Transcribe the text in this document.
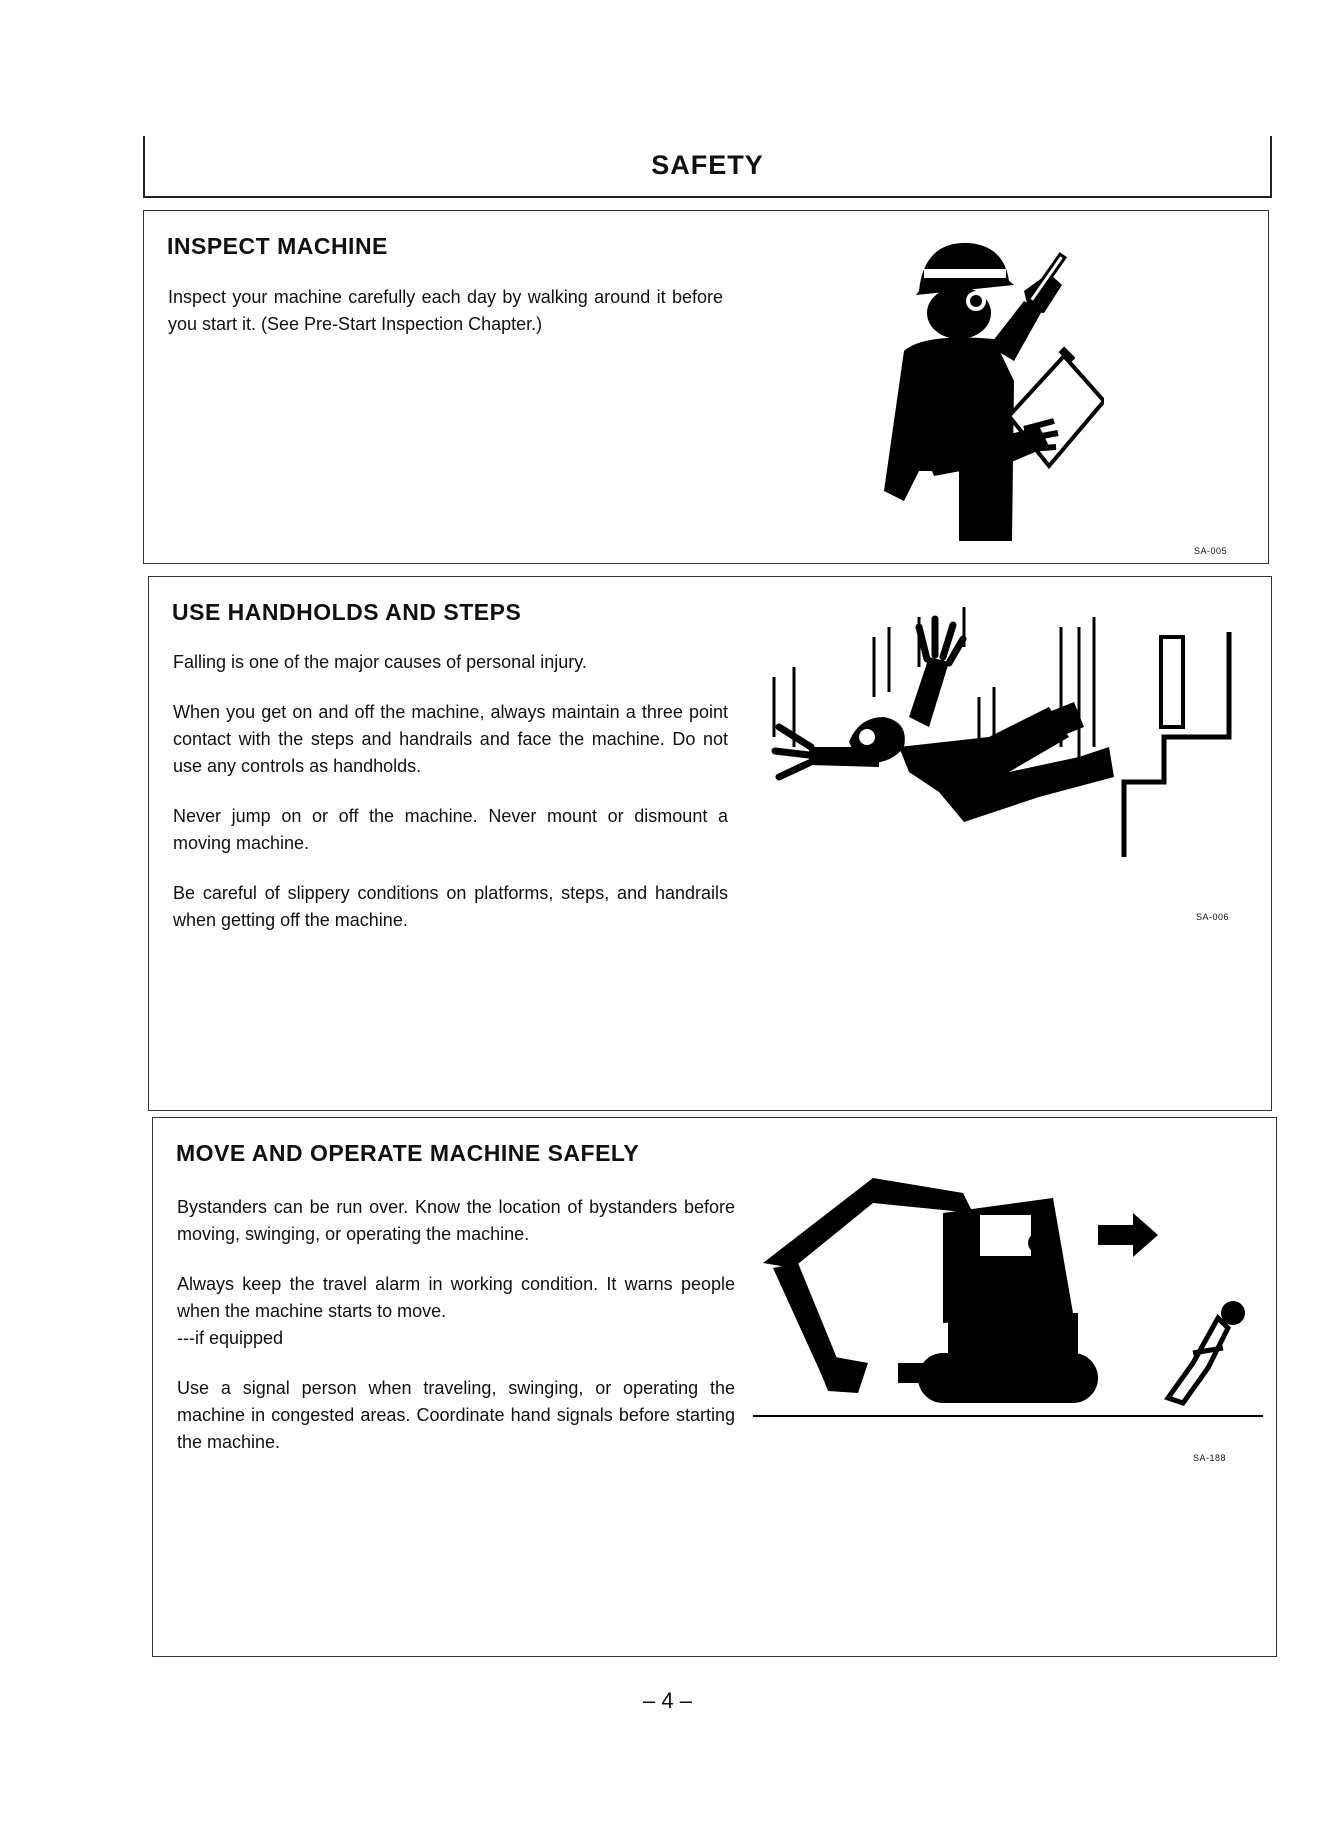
SAFETY
INSPECT MACHINE

Inspect your machine carefully each day by walking around it before you start it. (See Pre-Start Inspection Chapter.)

SA-005
USE HANDHOLDS AND STEPS

Falling is one of the major causes of personal injury.

When you get on and off the machine, always maintain a three point contact with the steps and handrails and face the machine. Do not use any controls as handholds.

Never jump on or off the machine. Never mount or dismount a moving machine.

Be careful of slippery conditions on platforms, steps, and handrails when getting off the machine.	SA-006
MOVE AND OPERATE MACHINE SAFELY

Bystanders can be run over. Know the location of bystanders before moving, swinging, or operating the machine.

Always keep the travel alarm in working condition. It warns people when the machine starts to move.
---if equipped

Use a signal person when traveling, swinging, or operating the machine in congested areas. Coordinate hand signals before starting the machine.

SA-188
– 4 –
